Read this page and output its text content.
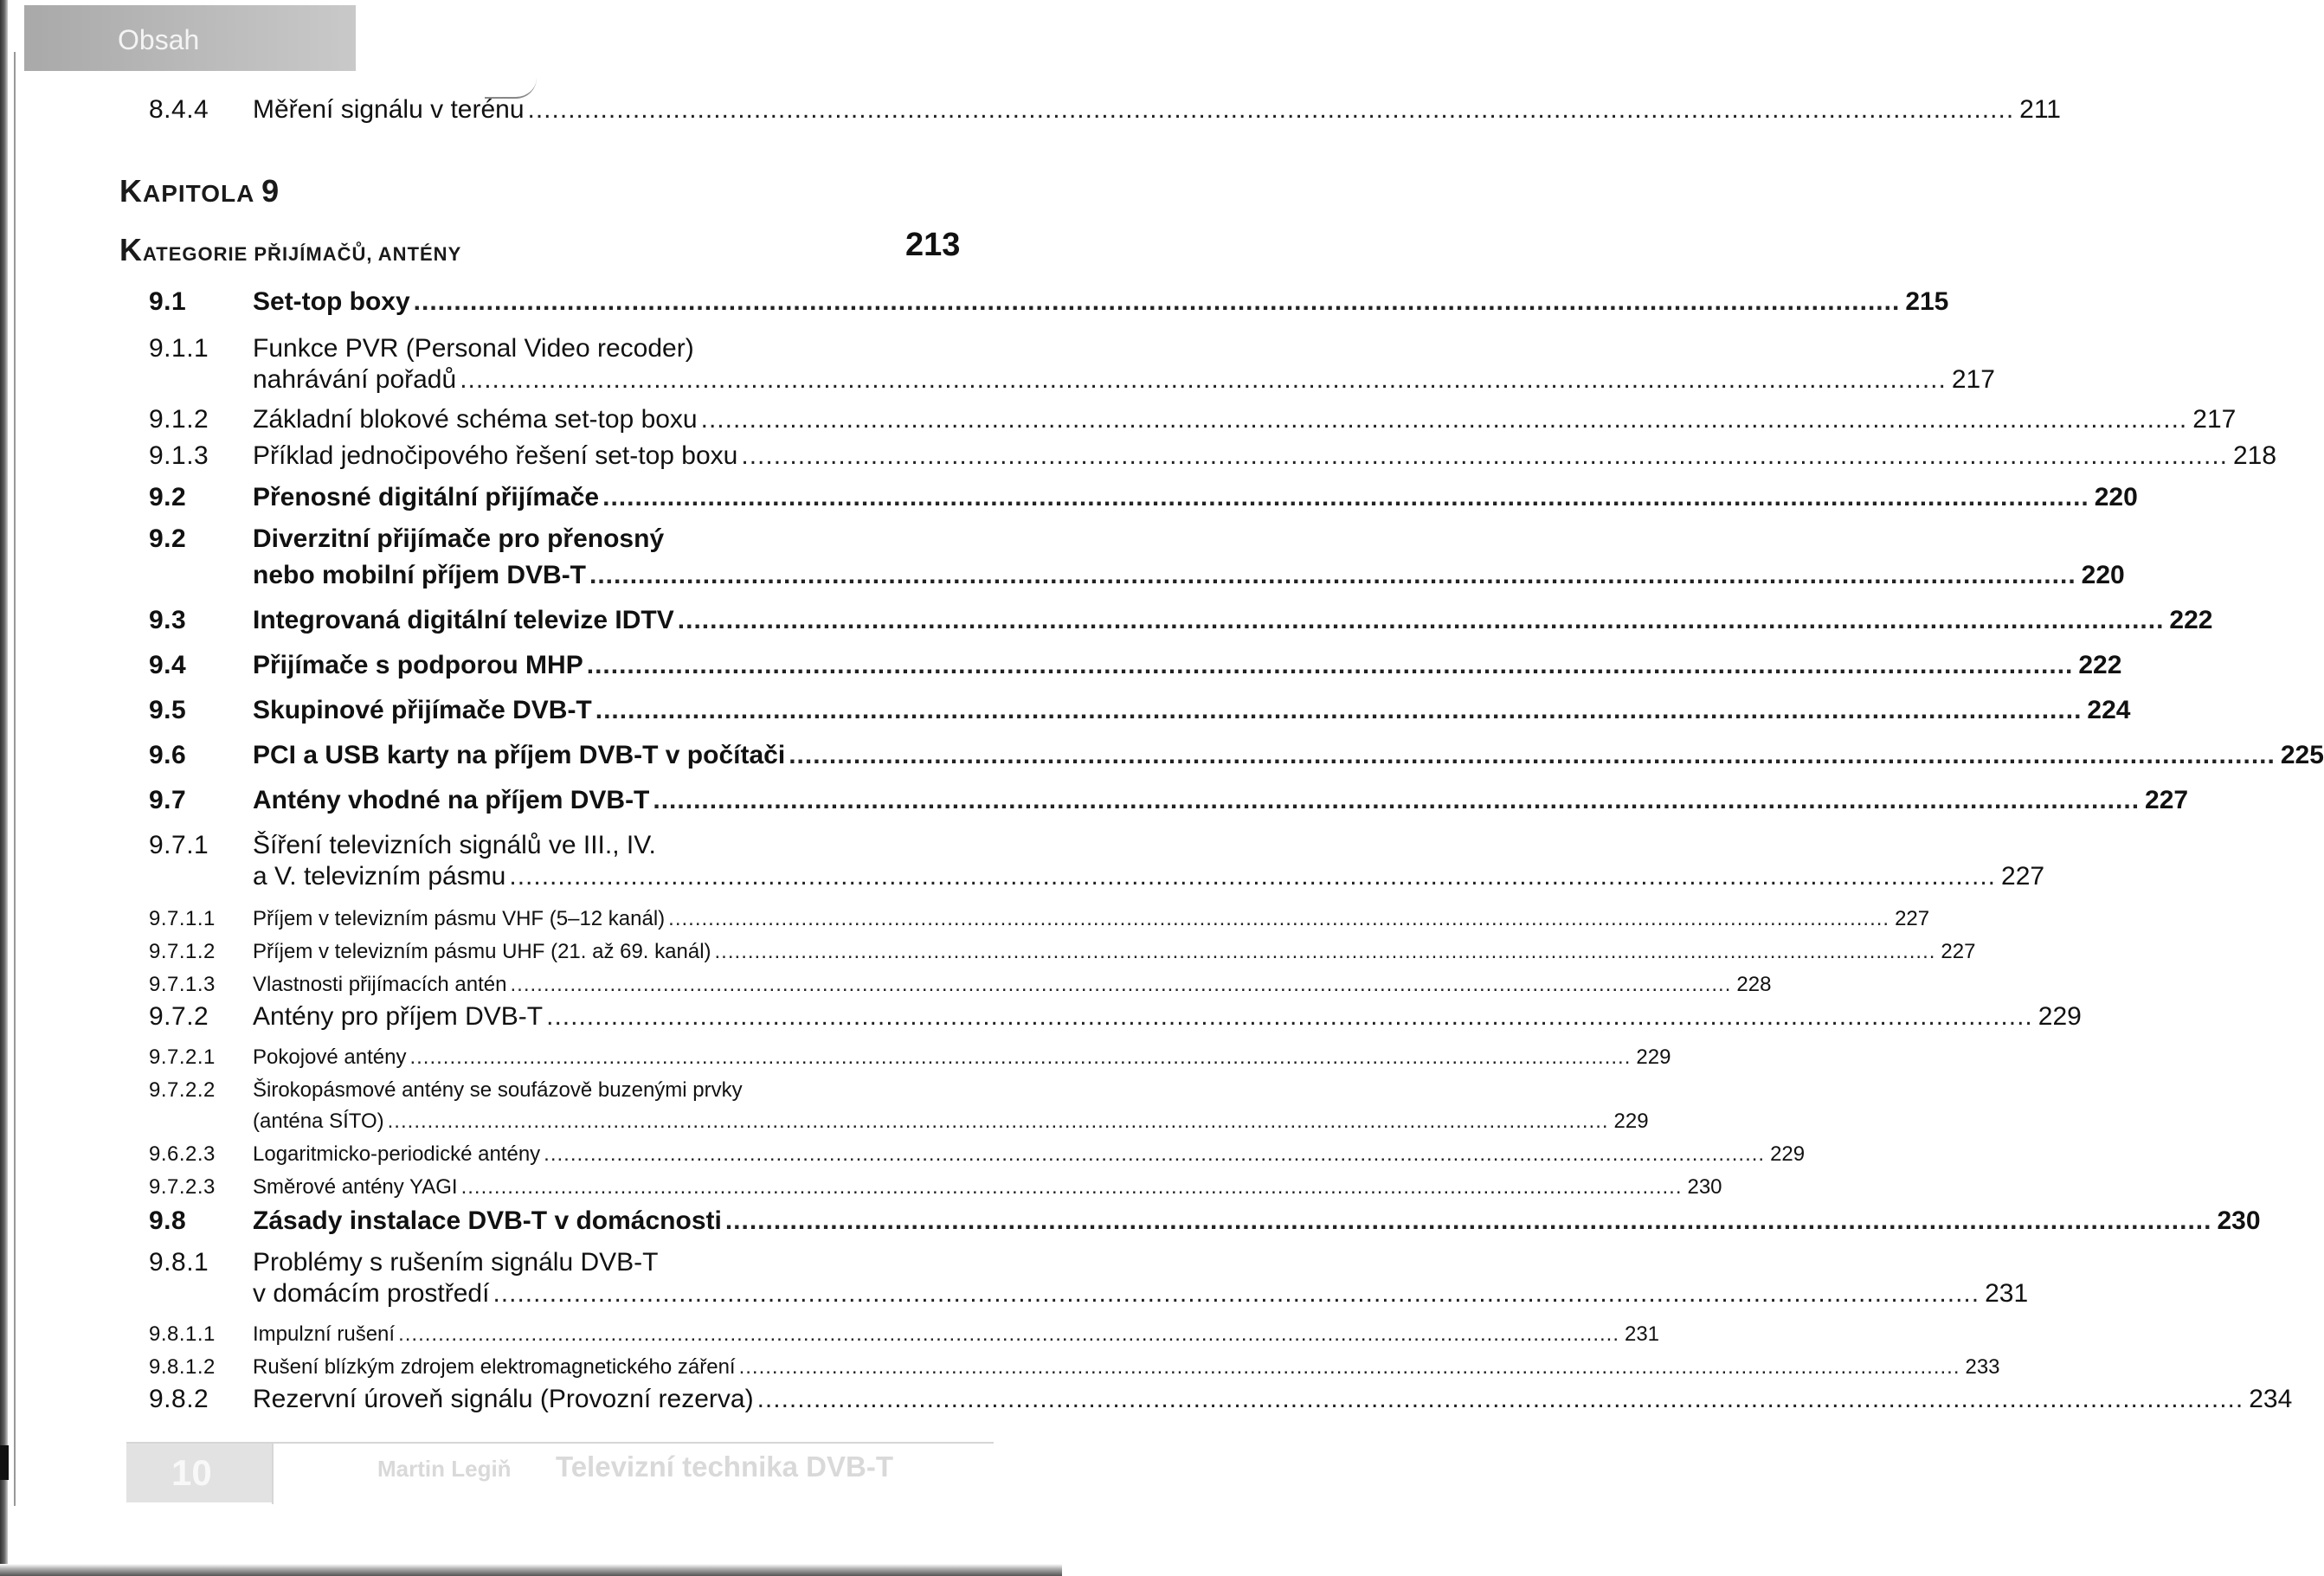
Obsah
8.4.4 Měření signálu v terénu ........................................................................................................................................................................................ 211
KAPITOLA 9
KATEGORIE PŘIJÍMAČŮ, ANTÉNY	213
9.1	Set-top boxy ........................................................................................................................................................................................ 215
9.1.1 Funkce PVR (Personal Video recoder)
nahrávání pořadů ........................................................................................................................................................................................ 217
9.1.2 Základní blokové schéma set-top boxu ........................................................................................................................................................................................ 217
9.1.3 Příklad jednočipového řešení set-top boxu ........................................................................................................................................................................................ 218
9.2	Přenosné digitální přijímače ........................................................................................................................................................................................ 220
9.2	Diverzitní přijímače pro přenosný
nebo mobilní příjem DVB-T ........................................................................................................................................................................................ 220
9.3	Integrovaná digitální televize IDTV ........................................................................................................................................................................................ 222
9.4	Přijímače s podporou MHP ........................................................................................................................................................................................ 222
9.5	Skupinové přijímače DVB-T ........................................................................................................................................................................................ 224
9.6	PCI a USB karty na příjem DVB-T v počítači ........................................................................................................................................................................................ 225
9.7	Antény vhodné na příjem DVB-T ........................................................................................................................................................................................ 227
9.7.1 Šíření televizních signálů ve III., IV.
a V. televizním pásmu ........................................................................................................................................................................................ 227
9.7.1.1 Příjem v televizním pásmu VHF (5–12 kanál) ........................................................................................................................................................................................ 227
9.7.1.2 Příjem v televizním pásmu UHF (21. až 69. kanál) ........................................................................................................................................................................................ 227
9.7.1.3 Vlastnosti přijímacích antén ........................................................................................................................................................................................ 228
9.7.2 Antény pro příjem DVB-T ........................................................................................................................................................................................ 229
9.7.2.1 Pokojové antény ........................................................................................................................................................................................ 229
9.7.2.2 Širokopásmové antény se soufázově buzenými prvky
(anténa SÍTO) ........................................................................................................................................................................................ 229
9.6.2.3 Logaritmicko-periodické antény ........................................................................................................................................................................................ 229
9.7.2.3 Směrové antény YAGI ........................................................................................................................................................................................ 230
9.8	Zásady instalace DVB-T v domácnosti ........................................................................................................................................................................................ 230
9.8.1 Problémy s rušením signálu DVB-T
v domácím prostředí ........................................................................................................................................................................................ 231
9.8.1.1 Impulzní rušení ........................................................................................................................................................................................ 231
9.8.1.2 Rušení blízkým zdrojem elektromagnetického záření ........................................................................................................................................................................................ 233
9.8.2 Rezervní úroveň signálu (Provozní rezerva) ........................................................................................................................................................................................ 234
10	Martin Legiň Televizní technika DVB-T
